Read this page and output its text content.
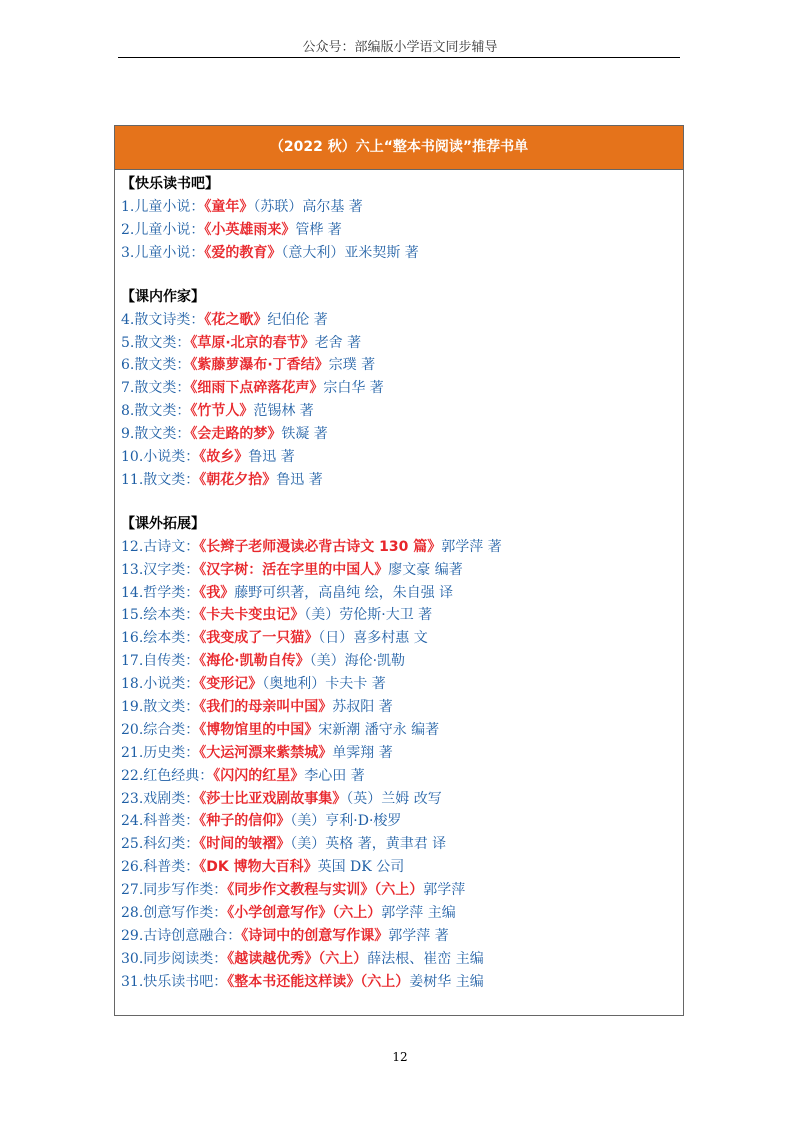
公众号：部编版小学语文同步辅导
（2022 秋）六上“整本书阅读”推荐书单
【快乐读书吧】
1.儿童小说：《童年》（苏联）高尔基 著
2.儿童小说：《小英雄雨来》管桦 著
3.儿童小说：《爱的教育》（意大利）亚米契斯 著
【课内作家】
4.散文诗类：《花之歌》纪伯伦 著
5.散文类：《草原·北京的春节》老舍 著
6.散文类：《紫藤萝瀑布·丁香结》宗璞 著
7.散文类：《细雨下点碎落花声》宗白华 著
8.散文类：《竹节人》范锡林 著
9.散文类：《会走路的梦》铁凝 著
10.小说类：《故乡》鲁迅 著
11.散文类：《朝花夕拾》鲁迅 著
【课外拓展】
12.古诗文：《长辫子老师漫读必背古诗文 130 篇》郭学萍 著
13.汉字类：《汉字树：活在字里的中国人》廖文豪 编著
14.哲学类：《我》藤野可织著，高畠纯 绘，朱自强 译
15.绘本类：《卡夫卡变虫记》（美）劳伦斯·大卫 著
16.绘本类：《我变成了一只猫》（日）喜多村惠 文
17.自传类：《海伦·凯勒自传》（美）海伦·凯勒
18.小说类：《变形记》（奥地利）卡夫卡 著
19.散文类：《我们的母亲叫中国》苏叔阳 著
20.综合类：《博物馆里的中国》宋新潮 潘守永 编著
21.历史类：《大运河漂来紫禁城》单霁翔 著
22.红色经典：《闪闪的红星》李心田 著
23.戏剧类：《莎士比亚戏剧故事集》（英）兰姆 改写
24.科普类：《种子的信仰》（美）亨利·D·梭罗
25.科幻类：《时间的皱褶》（美）英格 著，黄聿君 译
26.科普类：《DK 博物大百科》英国 DK 公司
27.同步写作类：《同步作文教程与实训》（六上）郭学萍
28.创意写作类：《小学创意写作》（六上）郭学萍 主编
29.古诗创意融合：《诗词中的创意写作课》郭学萍 著
30.同步阅读类：《越读越优秀》（六上）薛法根、崔峦 主编
31.快乐读书吧：《整本书还能这样读》（六上）姜树华 主编
12
